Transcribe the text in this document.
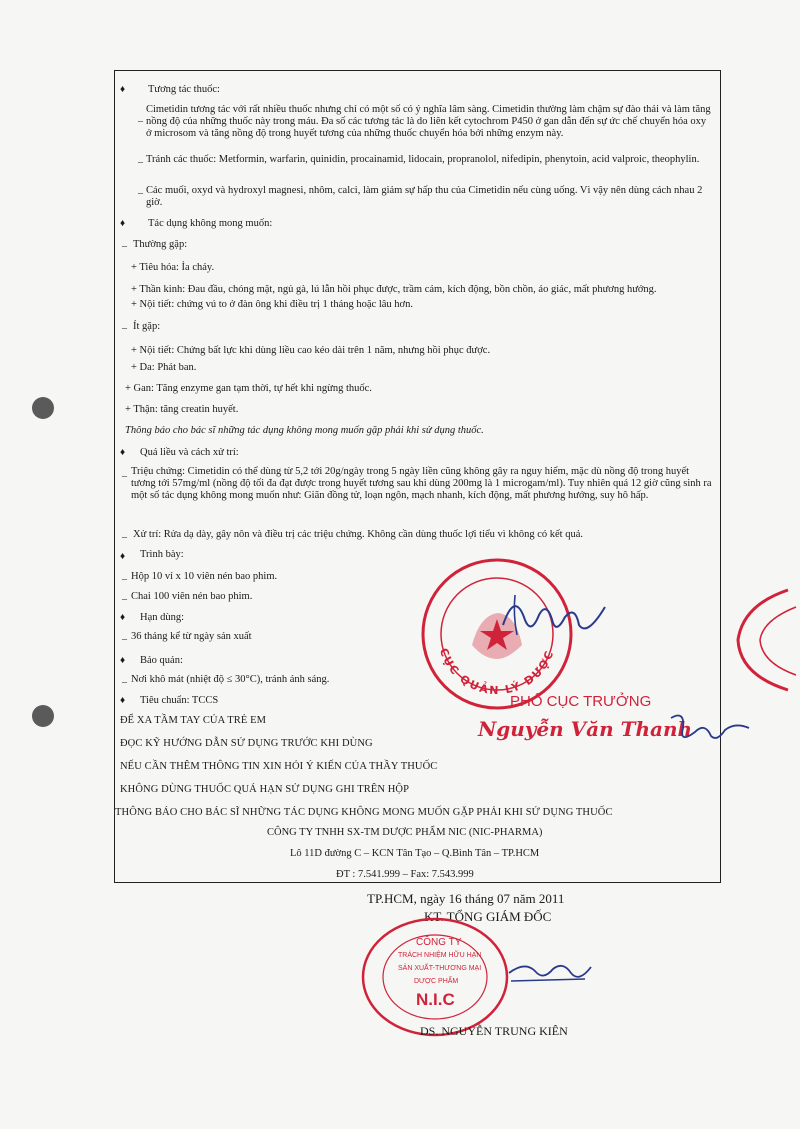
♦ Tương tác thuốc:
–
Cimetidin tương tác với rất nhiều thuốc nhưng chỉ có một số có ý nghĩa lâm sàng. Cimetidin thường làm chậm sự đào thải và làm tăng nồng độ của những thuốc này trong máu. Đa số các tương tác là do liên kết cytochrom P450 ở gan dẫn đến sự ức chế chuyển hóa oxy ở microsom và tăng nồng độ trong huyết tương của những thuốc chuyển hóa bởi những enzym này.
– Tránh các thuốc: Metformin, warfarin, quinidin, procainamid, lidocain, propranolol, nifedipin, phenytoin, acid valproic, theophylin.
– Các muối, oxyd và hydroxyl magnesi, nhôm, calci, làm giảm sự hấp thu của Cimetidin nếu cùng uống. Vì vậy nên dùng cách nhau 2 giờ.
♦ Tác dụng không mong muốn:
– Thường gặp:
+ Tiêu hóa: Ỉa chảy.
+ Thần kinh: Đau đầu, chóng mặt, ngủ gà, lú lẫn hồi phục được, trầm cảm, kích động, bồn chồn, ảo giác, mất phương hướng.
+ Nội tiết: chứng vú to ở đàn ông khi điều trị 1 tháng hoặc lâu hơn.
– Ít gặp:
+ Nội tiết: Chứng bất lực khi dùng liều cao kéo dài trên 1 năm, nhưng hồi phục được.
+ Da: Phát ban.
+ Gan: Tăng enzyme gan tạm thời, tự hết khi ngừng thuốc.
+ Thận: tăng creatin huyết.
Thông báo cho bác sĩ những tác dụng không mong muốn gặp phải khi sử dụng thuốc.
♦ Quá liều và cách xử trí:
– Triệu chứng: Cimetidin có thể dùng từ 5,2 tới 20g/ngày trong 5 ngày liền cũng không gây ra nguy hiểm, mặc dù nồng độ trong huyết tương tới 57mg/ml (nồng độ tối đa đạt được trong huyết tương sau khi dùng 200mg là 1 microgam/ml). Tuy nhiên quá 12 giờ cũng sinh ra một số tác dụng không mong muốn như: Giãn đồng tử, loạn ngôn, mạch nhanh, kích động, mất phương hướng, suy hô hấp.
– Xử trí: Rửa dạ dày, gây nôn và điều trị các triệu chứng. Không cần dùng thuốc lợi tiểu vì không có kết quả.
♦ Trình bày:
– Hộp 10 vỉ x 10 viên nén bao phim.
– Chai 100 viên nén bao phim.
♦ Hạn dùng:
– 36 tháng kể từ ngày sản xuất
♦ Bảo quản:
– Nơi khô mát (nhiệt độ ≤ 30°C), tránh ánh sáng.
♦ Tiêu chuẩn: TCCS
ĐỂ XA TẦM TAY CỦA TRẺ EM
ĐỌC KỸ HƯỚNG DẪN SỬ DỤNG TRƯỚC KHI DÙNG
NẾU CẦN THÊM THÔNG TIN XIN HỎI Ý KIẾN CỦA THẦY THUỐC
KHÔNG DÙNG THUỐC QUÁ HẠN SỬ DỤNG GHI TRÊN HỘP
THÔNG BÁO CHO BÁC SĨ NHỮNG TÁC DỤNG KHÔNG MONG MUỐN GẶP PHẢI KHI SỬ DỤNG THUỐC
CÔNG TY TNHH SX-TM DƯỢC PHẨM NIC (NIC-PHARMA)
Lô 11D đường C – KCN Tân Tạo – Q.Bình Tân – TP.HCM
ĐT : 7.541.999 – Fax: 7.543.999
CỤC QUẢN LÝ DƯỢC
PHÓ CỤC TRƯỞNG
Nguyễn Văn Thanh
TP.HCM, ngày 16 tháng 07 năm 2011
KT. TỔNG GIÁM ĐỐC
CÔNG TY
TRÁCH NHIỆM HỮU HẠN
SẢN XUẤT-THƯƠNG MẠI
DƯỢC PHẨM
N.I.C
DS. NGUYỄN TRUNG KIÊN
